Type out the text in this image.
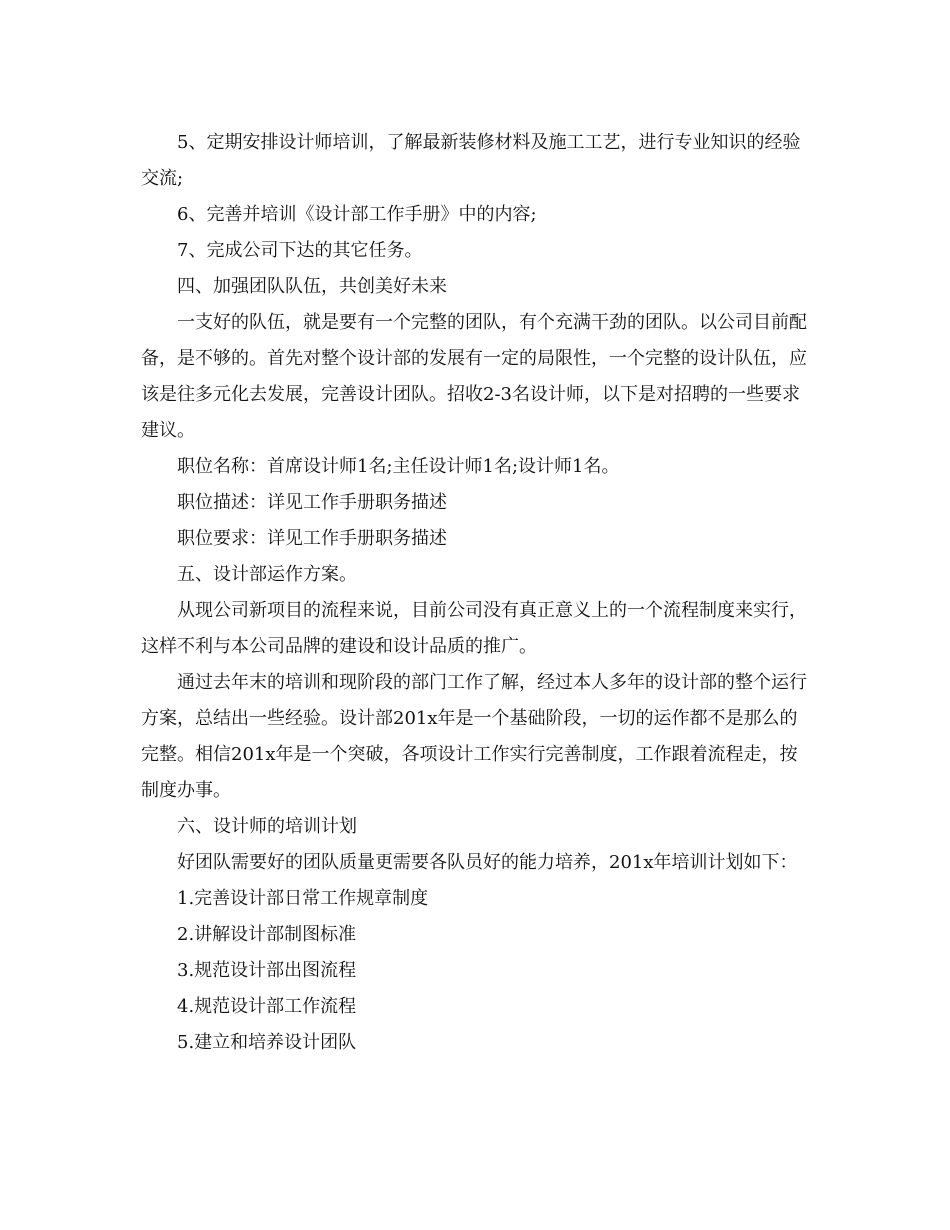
5、定期安排设计师培训，了解最新装修材料及施工工艺，进行专业知识的经验交流;

6、完善并培训《设计部工作手册》中的内容;

7、完成公司下达的其它任务。

四、加强团队队伍，共创美好未来

一支好的队伍，就是要有一个完整的团队，有个充满干劲的团队。以公司目前配备，是不够的。首先对整个设计部的发展有一定的局限性，一个完整的设计队伍，应该是往多元化去发展，完善设计团队。招收2-3名设计师，以下是对招聘的一些要求建议。

职位名称：首席设计师1名;主任设计师1名;设计师1名。

职位描述：详见工作手册职务描述

职位要求：详见工作手册职务描述

五、设计部运作方案。

从现公司新项目的流程来说，目前公司没有真正意义上的一个流程制度来实行，这样不利与本公司品牌的建设和设计品质的推广。

通过去年末的培训和现阶段的部门工作了解，经过本人多年的设计部的整个运行方案，总结出一些经验。设计部201x年是一个基础阶段，一切的运作都不是那么的完整。相信201x年是一个突破，各项设计工作实行完善制度，工作跟着流程走，按制度办事。

六、设计师的培训计划

好团队需要好的团队质量更需要各队员好的能力培养，201x年培训计划如下：

1.完善设计部日常工作规章制度

2.讲解设计部制图标准

3.规范设计部出图流程

4.规范设计部工作流程

5.建立和培养设计团队
